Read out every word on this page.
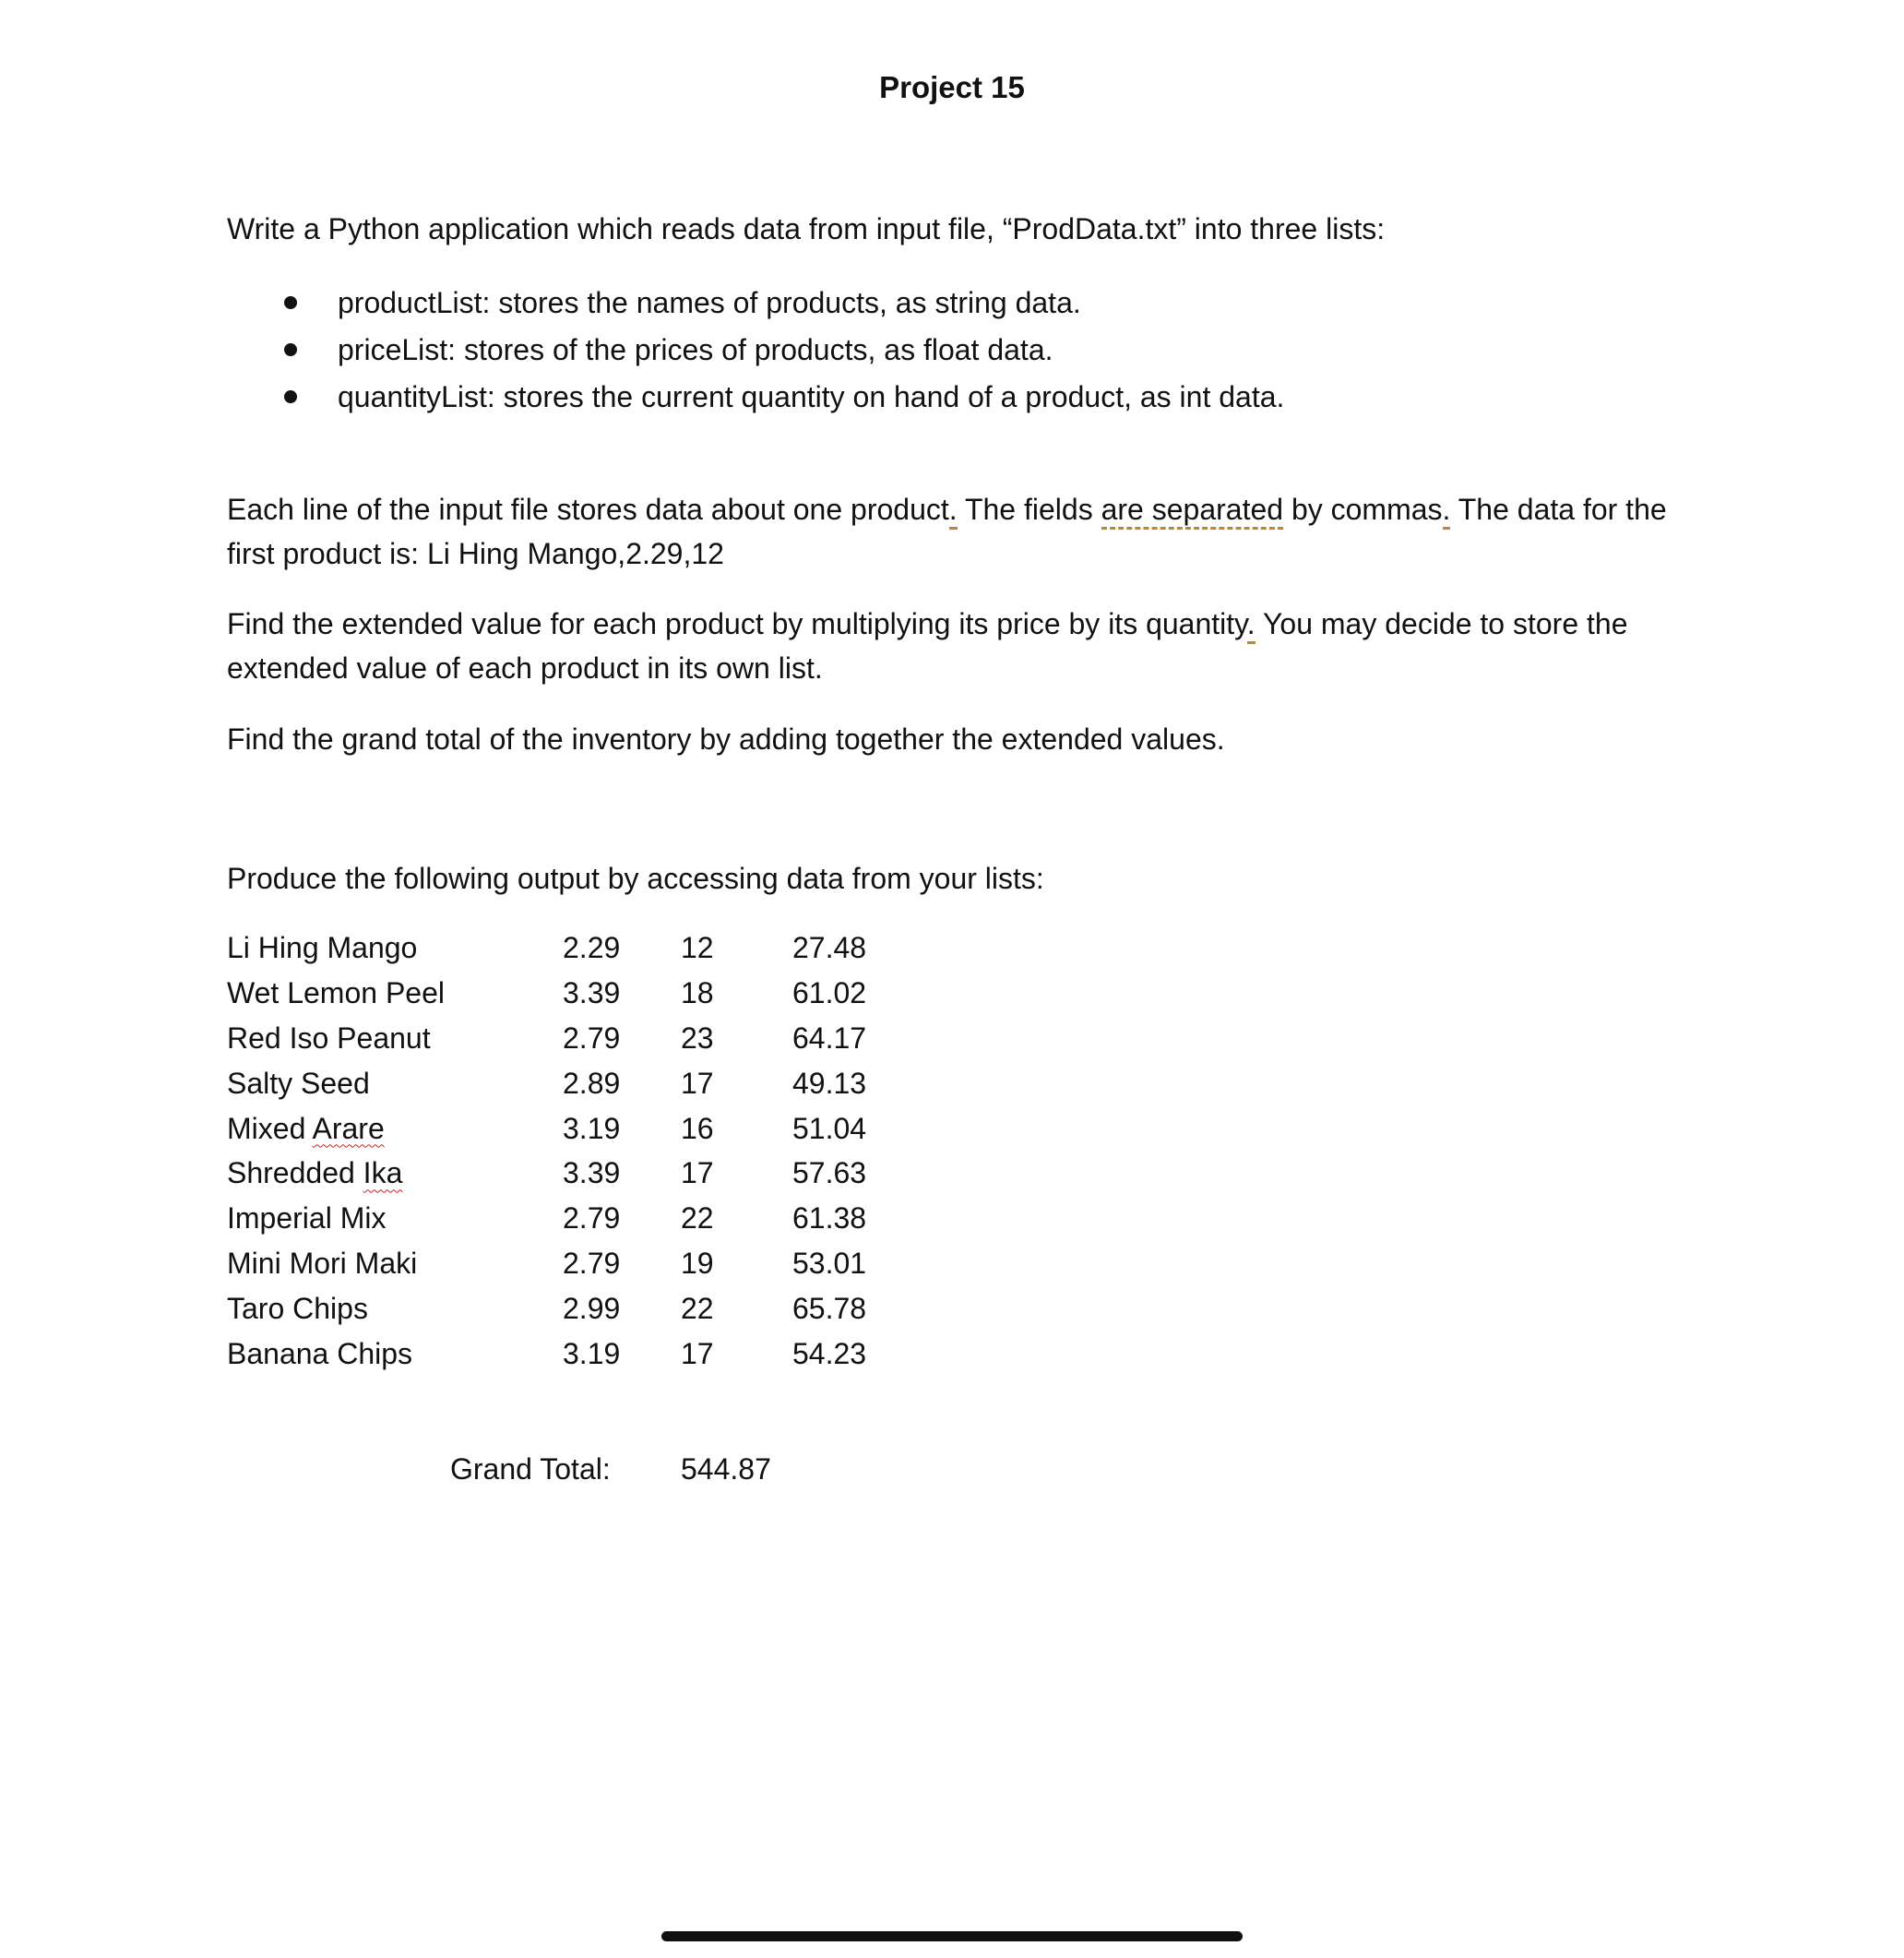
Project 15

Write a Python application which reads data from input file, “ProdData.txt” into three lists:

productList: stores the names of products, as string data.
priceList: stores of the prices of products, as float data.
quantityList: stores the current quantity on hand of a product, as int data.

Each line of the input file stores data about one product. The fields are separated by commas. The data for the first product is: Li Hing Mango,2.29,12

Find the extended value for each product by multiplying its price by its quantity. You may decide to store the extended value of each product in its own list.

Find the grand total of the inventory by adding together the extended values.

Produce the following output by accessing data from your lists:

Li Hing Mango	2.29	12	27.48
Wet Lemon Peel	3.39	18	61.02
Red Iso Peanut	2.79	23	64.17
Salty Seed	2.89	17	49.13
Mixed Arare	3.19	16	51.04
Shredded Ika	3.39	17	57.63
Imperial Mix	2.79	22	61.38
Mini Mori Maki	2.79	19	53.01
Taro Chips	2.99	22	65.78
Banana Chips	3.19	17	54.23
Grand Total: 544.87
